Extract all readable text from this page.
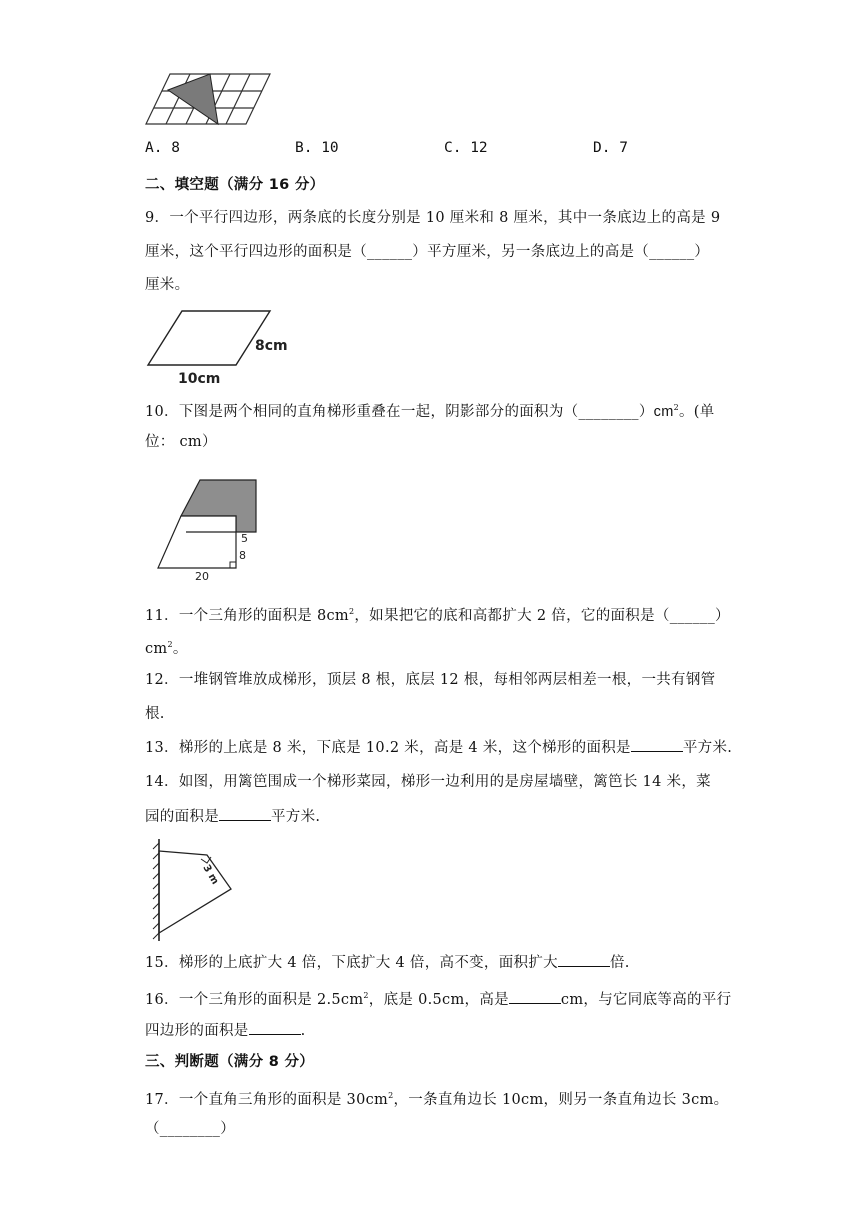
A. 8	B. 10	C. 12	D. 7
二、填空题（满分 16 分）
9．一个平行四边形，两条底的长度分别是 10 厘米和 8 厘米，其中一条底边上的高是 9
厘米，这个平行四边形的面积是（______）平方厘米，另一条底边上的高是（______）
厘米。
8cm
10cm
10．下图是两个相同的直角梯形重叠在一起，阴影部分的面积为$(\_\_\_\_\_\_\_\_)cm^2$。(单
位： cm）
5
8
20
11．一个三角形的面积是 $8cm^2$，如果把它的底和高都扩大 2 倍，它的面积是（______）
$cm^2$。
12．一堆钢管堆放成梯形，顶层 8 根，底层 12 根，每相邻两层相差一根，一共有钢管
根.
13．梯形的上底是 8 米，下底是 10.2 米，高是 4 米，这个梯形的面积是	平方米.
14．如图，用篱笆围成一个梯形菜园，梯形一边利用的是房屋墙壁，篱笆长 14 米，菜
园的面积是	平方米.
3 m
15．梯形的上底扩大 4 倍，下底扩大 4 倍，高不变，面积扩大	倍.
16．一个三角形的面积是 $2.5cm^2$，底是 0.5cm，高是	cm，与它同底等高的平行
四边形的面积是	.
三、判断题（满分 8 分）
17．一个直角三角形的面积是 $30cm^2$，一条直角边长 10cm，则另一条直角边长 3cm。
（________）
